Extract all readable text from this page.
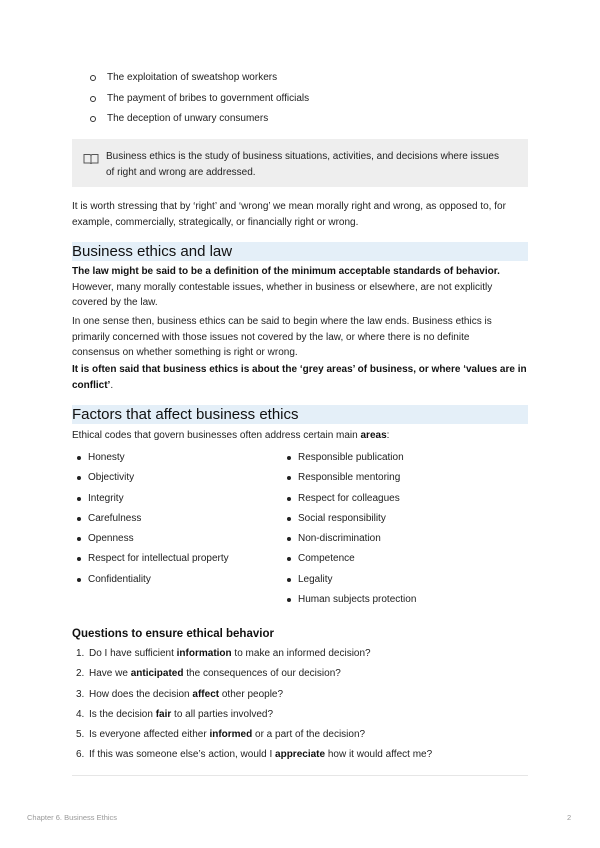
The exploitation of sweatshop workers
The payment of bribes to government officials
The deception of unwary consumers
Business ethics is the study of business situations, activities, and decisions where issues
of right and wrong are addressed.

It is worth stressing that by ‘right’ and ‘wrong’ we mean morally right and wrong, as opposed to, for
example, commercially, strategically, or financially right or wrong.

Business ethics and law

The law might be said to be a definition of the minimum acceptable standards of behavior.
However, many morally contestable issues, whether in business or elsewhere, are not explicitly
covered by the law.

In one sense then, business ethics can be said to begin where the law ends. Business ethics is
primarily concerned with those issues not covered by the law, or where there is no definite
consensus on whether something is right or wrong.

It is often said that business ethics is about the ‘grey areas’ of business, or where ‘values are in
conflict’.

Factors that affect business ethics

Ethical codes that govern businesses often address certain main areas:

Honesty
Objectivity
Integrity
Carefulness
Openness
Respect for intellectual property
Confidentiality
Responsible publication
Responsible mentoring
Respect for colleagues
Social responsibility
Non-discrimination
Competence
Legality
Human subjects protection
Questions to ensure ethical behavior
1. Do I have sufficient information to make an informed decision?
2. Have we anticipated the consequences of our decision?
3. How does the decision affect other people?
4. Is the decision fair to all parties involved?
5. Is everyone affected either informed or a part of the decision?
6. If this was someone else’s action, would I appreciate how it would affect me?
Chapter 6. Business Ethics	2
